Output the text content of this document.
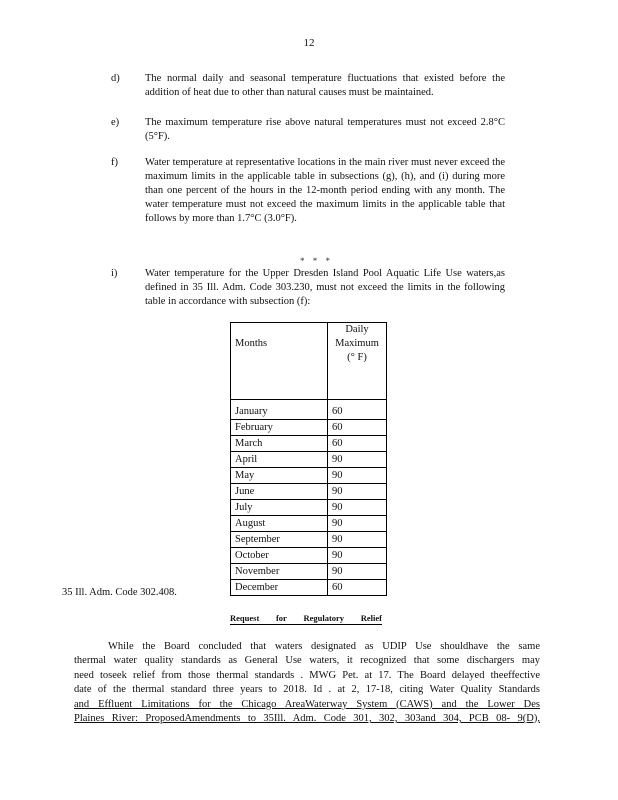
12
d) The normal daily and seasonal temperature fluctuations that existed before the addition of heat due to other than natural causes must be maintained.
e) The maximum temperature rise above natural temperatures must not exceed 2.8°C (5°F).
f)	Water temperature at representative locations in the main river must never exceed the maximum limits in the applicable table in subsections (g), (h), and (i) during more than one percent of the hours in the 12-month period ending with any month. The water temperature must not exceed the maximum limits in the applicable table that follows by more than 1.7°C (3.0°F).
* * *
i)	Water temperature for the Upper Dresden Island Pool Aquatic Life Use waters,as defined in 35 Ill. Adm. Code 303.230, must not exceed the limits in the following table in accordance with subsection (f):
Months	Daily
Maximum
(° F)

January	60
February	60
March	60
April	90
May	90
June	90
July	90
August	90
September	90
October	90
November	90
December	60
35 Ill. Adm. Code 302.408.
Request for Regulatory Relief
While the Board concluded that waters designated as UDIP Use shouldhave the same
thermal water quality standards as General Use waters, it recognized that some dischargers may
need toseek relief from those thermal standards . MWG Pet. at 17. The Board delayed theeffective
date of the thermal standard three years to 2018. Id . at 2, 17-18, citing Water Quality Standards
and Effluent Limitations for the Chicago AreaWaterway System (CAWS) and the Lower Des
Plaines River: ProposedAmendments to 35Ill. Adm. Code 301, 302, 303and 304, PCB 08- 9(D),
